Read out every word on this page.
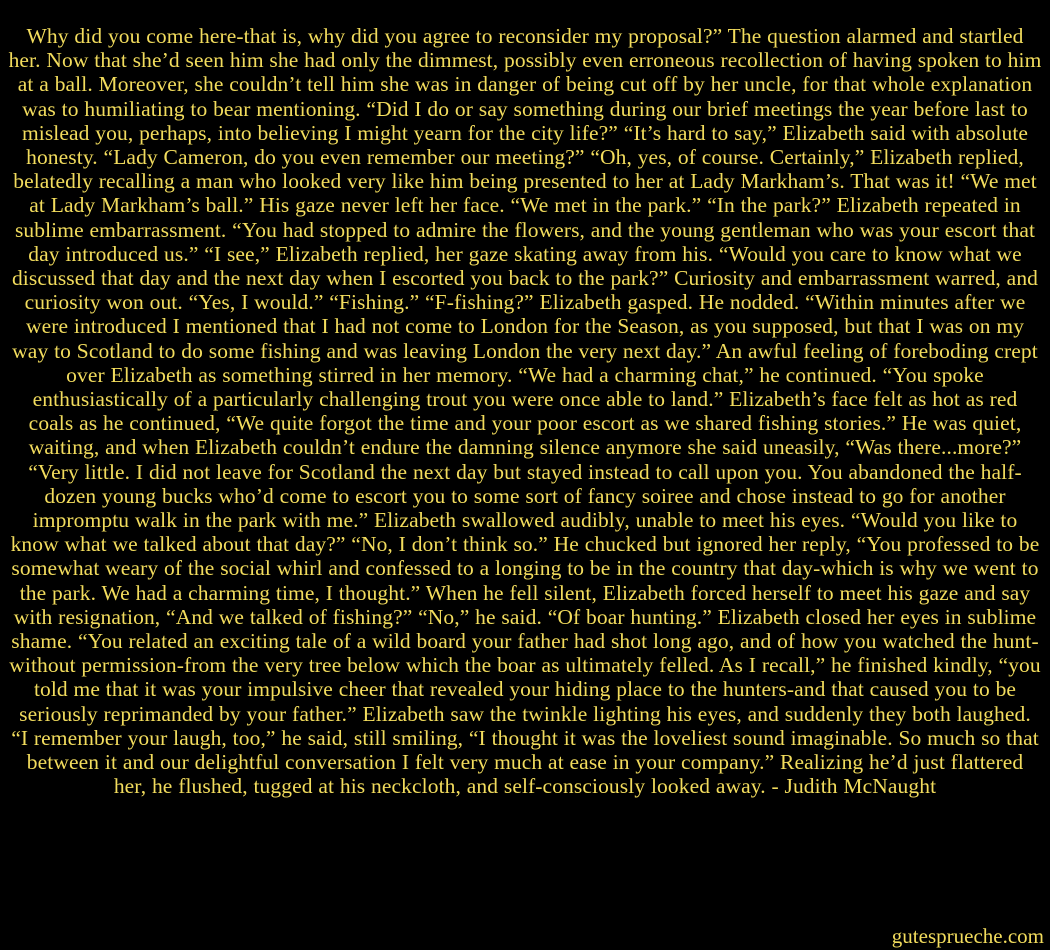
Why did you come here-that is, why did you agree to reconsider my proposal?” The question alarmed and startled her. Now that she’d seen him she had only the dimmest, possibly even erroneous recollection of having spoken to him at a ball. Moreover, she couldn’t tell him she was in danger of being cut off by her uncle, for that whole explanation was to humiliating to bear mentioning. “Did I do or say something during our brief meetings the year before last to mislead you, perhaps, into believing I might yearn for the city life?” “It’s hard to say,” Elizabeth said with absolute honesty. “Lady Cameron, do you even remember our meeting?” “Oh, yes, of course. Certainly,” Elizabeth replied, belatedly recalling a man who looked very like him being presented to her at Lady Markham’s. That was it! “We met at Lady Markham’s ball.” His gaze never left her face. “We met in the park.” “In the park?” Elizabeth repeated in sublime embarrassment. “You had stopped to admire the flowers, and the young gentleman who was your escort that day introduced us.” “I see,” Elizabeth replied, her gaze skating away from his. “Would you care to know what we discussed that day and the next day when I escorted you back to the park?” Curiosity and embarrassment warred, and curiosity won out. “Yes, I would.” “Fishing.” “F-fishing?” Elizabeth gasped. He nodded. “Within minutes after we were introduced I mentioned that I had not come to London for the Season, as you supposed, but that I was on my way to Scotland to do some fishing and was leaving London the very next day.” An awful feeling of foreboding crept over Elizabeth as something stirred in her memory. “We had a charming chat,” he continued. “You spoke enthusiastically of a particularly challenging trout you were once able to land.” Elizabeth’s face felt as hot as red coals as he continued, “We quite forgot the time and your poor escort as we shared fishing stories.” He was quiet, waiting, and when Elizabeth couldn’t endure the damning silence anymore she said uneasily, “Was there...more?” “Very little. I did not leave for Scotland the next day but stayed instead to call upon you. You abandoned the half-dozen young bucks who’d come to escort you to some sort of fancy soiree and chose instead to go for another impromptu walk in the park with me.” Elizabeth swallowed audibly, unable to meet his eyes. “Would you like to know what we talked about that day?” “No, I don’t think so.” He chucked but ignored her reply, “You professed to be somewhat weary of the social whirl and confessed to a longing to be in the country that day-which is why we went to the park. We had a charming time, I thought.” When he fell silent, Elizabeth forced herself to meet his gaze and say with resignation, “And we talked of fishing?” “No,” he said. “Of boar hunting.” Elizabeth closed her eyes in sublime shame. “You related an exciting tale of a wild board your father had shot long ago, and of how you watched the hunt-without permission-from the very tree below which the boar as ultimately felled. As I recall,” he finished kindly, “you told me that it was your impulsive cheer that revealed your hiding place to the hunters-and that caused you to be seriously reprimanded by your father.” Elizabeth saw the twinkle lighting his eyes, and suddenly they both laughed. “I remember your laugh, too,” he said, still smiling, “I thought it was the loveliest sound imaginable. So much so that between it and our delightful conversation I felt very much at ease in your company.” Realizing he’d just flattered her, he flushed, tugged at his neckcloth, and self-consciously looked away. - Judith McNaught
gutesprueche.com
